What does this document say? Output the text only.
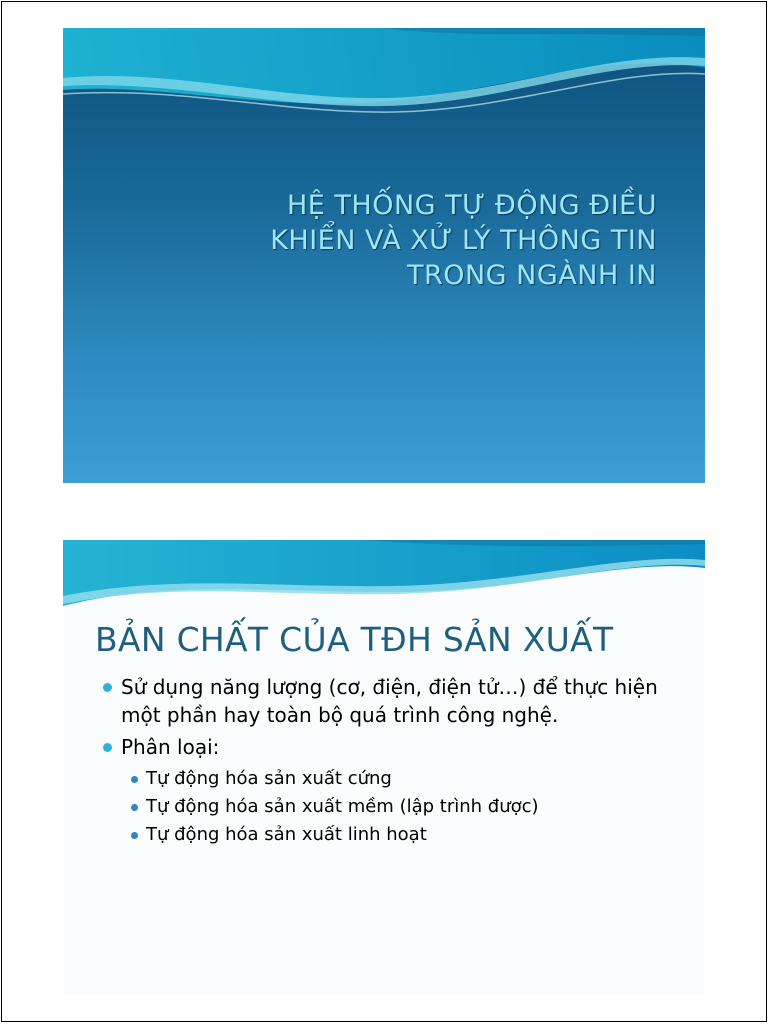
HỆ THỐNG TỰ ĐỘNG ĐIỀU
KHIỂN VÀ XỬ LÝ THÔNG TIN
TRONG NGÀNH IN
BẢN CHẤT CỦA TĐH SẢN XUẤT
Sử dụng năng lượng (cơ, điện, điện tử…) để thực hiện một phần hay toàn bộ quá trình công nghệ.
Phân loại:
Tự động hóa sản xuất cứng
Tự động hóa sản xuất mềm (lập trình được)
Tự động hóa sản xuất linh hoạt
